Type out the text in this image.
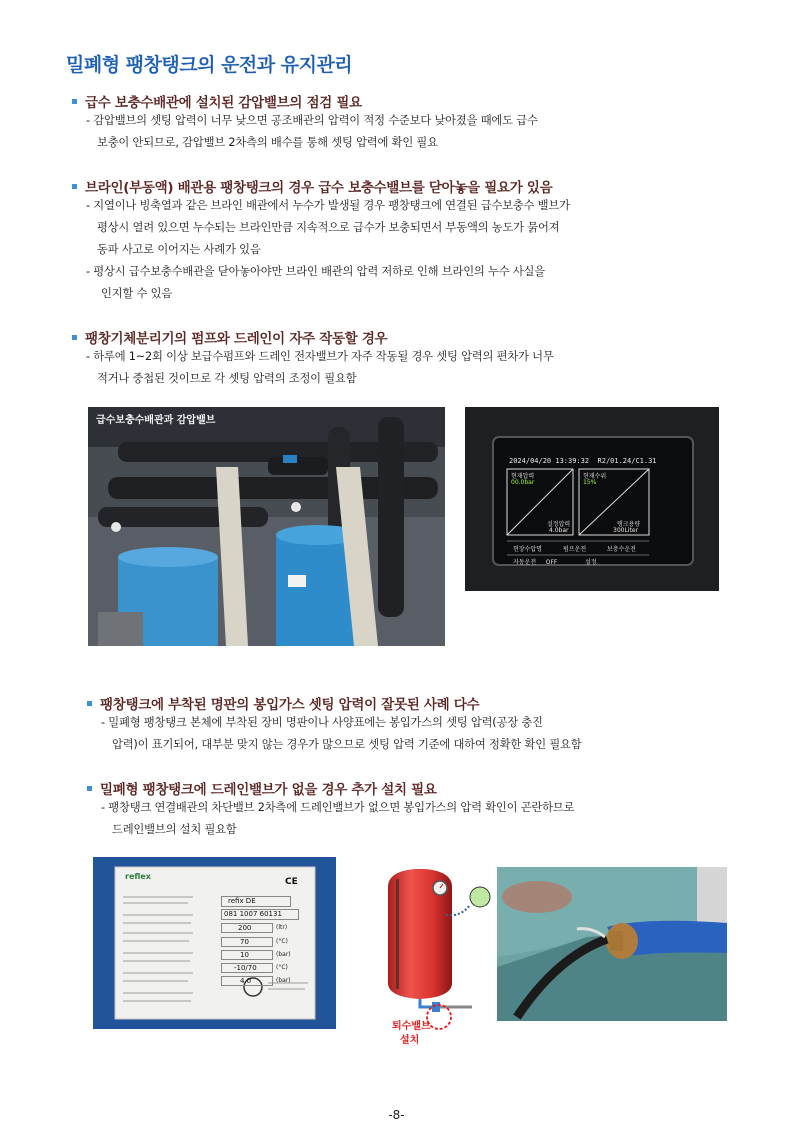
밀폐형 팽창탱크의 운전과 유지관리
급수 보충수배관에 설치된 감압밸브의 점검 필요
- 감압밸브의 셋팅 압력이 너무 낮으면 공조배관의 압력이 적정 수준보다 낮아졌을 때에도 급수
보충이 안되므로, 감압밸브 2차측의 배수를 통해 셋팅 압력에 확인 필요
브라인(부동액) 배관용 팽창탱크의 경우 급수 보충수밸브를 닫아놓을 필요가 있음
- 지열이나 빙축열과 같은 브라인 배관에서 누수가 발생될 경우 팽창탱크에 연결된 급수보충수 밸브가
평상시 열려 있으면 누수되는 브라인만큼 지속적으로 급수가 보충되면서 부동액의 농도가 묽어져
동파 사고로 이어지는 사례가 있음
- 평상시 급수보충수배관을 닫아놓아야만 브라인 배관의 압력 저하로 인해 브라인의 누수 사실을
인지할 수 있음
팽창기체분리기의 펌프와 드레인이 자주 작동할 경우
- 하루에 1~2회 이상 보급수펌프와 드레인 전자밸브가 자주 작동될 경우 셋팅 압력의 편차가 너무
적거나 중첩된 것이므로 각 셋팅 압력의 조정이 필요함
급수보충수배관과 감압밸브
2024/04/20 13:39:32 R2/01.24/C1.31
현재압력
00.0bar
현재수위
15%
설정압력
4.0bar
탱크용량
300Liter
현장수압명	펌프운전	보충수운전
자동운전 OFF	설정
팽창탱크에 부착된 명판의 봉입가스 셋팅 압력이 잘못된 사례 다수
- 밀폐형 팽창탱크 본체에 부착된 장비 명판이나 사양표에는 봉입가스의 셋팅 압력(공장 충진
압력)이 표기되어, 대부분 맞지 않는 경우가 많으므로 셋팅 압력 기준에 대하여 정확한 확인 필요함
밀폐형 팽창탱크에 드레인밸브가 없을 경우 추가 설치 필요
- 팽창탱크 연결배관의 차단밸브 2차측에 드레인밸브가 없으면 봉입가스의 압력 확인이 곤란하므로
드레인밸브의 설치 필요함
reflex
CE
refix DE
081 1007 60131
200	(ltr)
70	(°C)
10	(bar)
-10/70	(°C)
4.0	(bar)
퇴수밸브
설치
-8-
